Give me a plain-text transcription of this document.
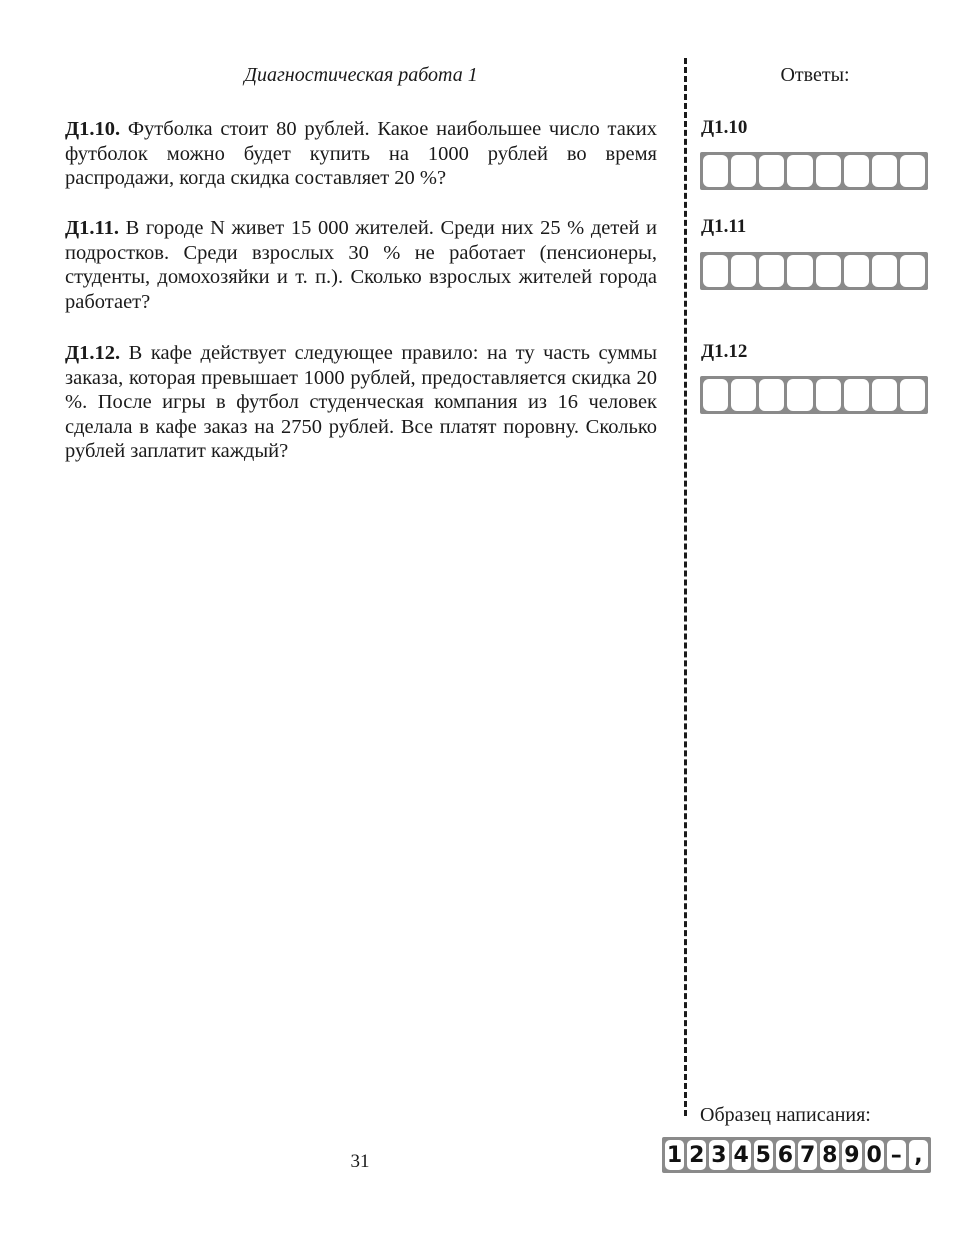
Диагностическая работа 1	Ответы:
Д1.10. Футболка стоит 80 рублей. Какое наибольшее число таких футболок можно будет купить на 1000 рублей во время распродажи, когда скидка составляет 20 %?
Д1.11. В городе N живет 15 000 жителей. Среди них 25 % детей и подростков. Среди взрослых 30 % не работает (пенсионеры, студенты, домохозяйки и т. п.). Сколько взрослых жителей города работает?
Д1.12. В кафе действует следующее правило: на ту часть суммы заказа, которая превышает 1000 рублей, предоставляется скидка 20 %. После игры в футбол студенческая компания из 16 человек сделала в кафе заказ на 2750 рублей. Все платят поровну. Сколько рублей заплатит каждый?
Д1.10
Д1.11
Д1.12
Образец написания:
1 2 3 4 5 6 7 8 9 0 – ,
31
